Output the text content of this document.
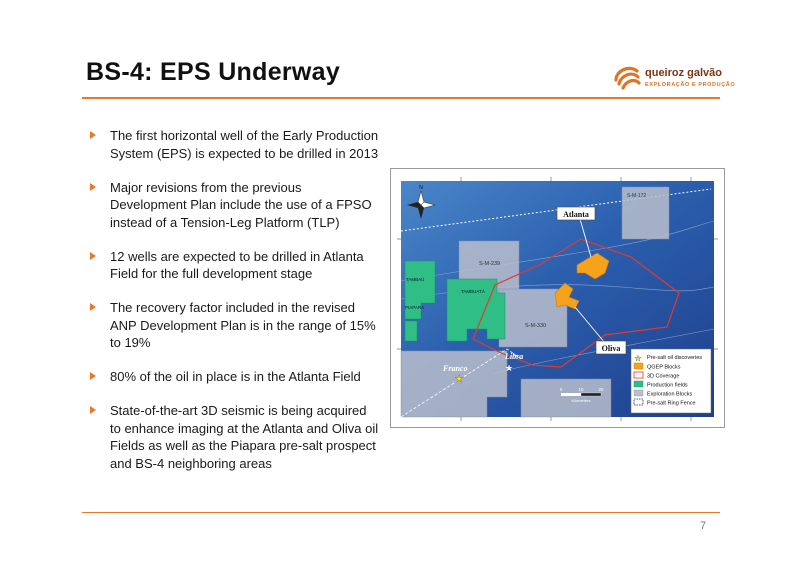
BS-4: EPS Underway	queiroz galvão
EXPLORAÇÃO E PRODUÇÃO
The first horizontal well of the Early Production System (EPS) is expected to be drilled in 2013
Major revisions from the previous Development Plan include the use of a FPSO instead of a Tension-Leg Platform (TLP)
12 wells are expected to be drilled in Atlanta Field for the full development stage
The recovery factor included in the revised ANP Development Plan is in the range of 15% to 19%
80% of the oil in place is in the Atlanta Field
State-of-the-art 3D seismic is being acquired to enhance imaging at the Atlanta and Oliva oil Fields as well as the Piapara pre-salt prospect and BS-4 neighboring areas
Atlanta
Oliva
S-M-239
S-M-330
S-M-172
TAMBUATÁ
TAMBAÚ
PIAPARA
Libra
★
Franco
★
N
★ Pre-salt oil discoveries
QGEP Blocks
3D Coverage
Production fields
Exploration Blocks
Pre-salt Ring Fence
0	10	20
Kilometers
7
